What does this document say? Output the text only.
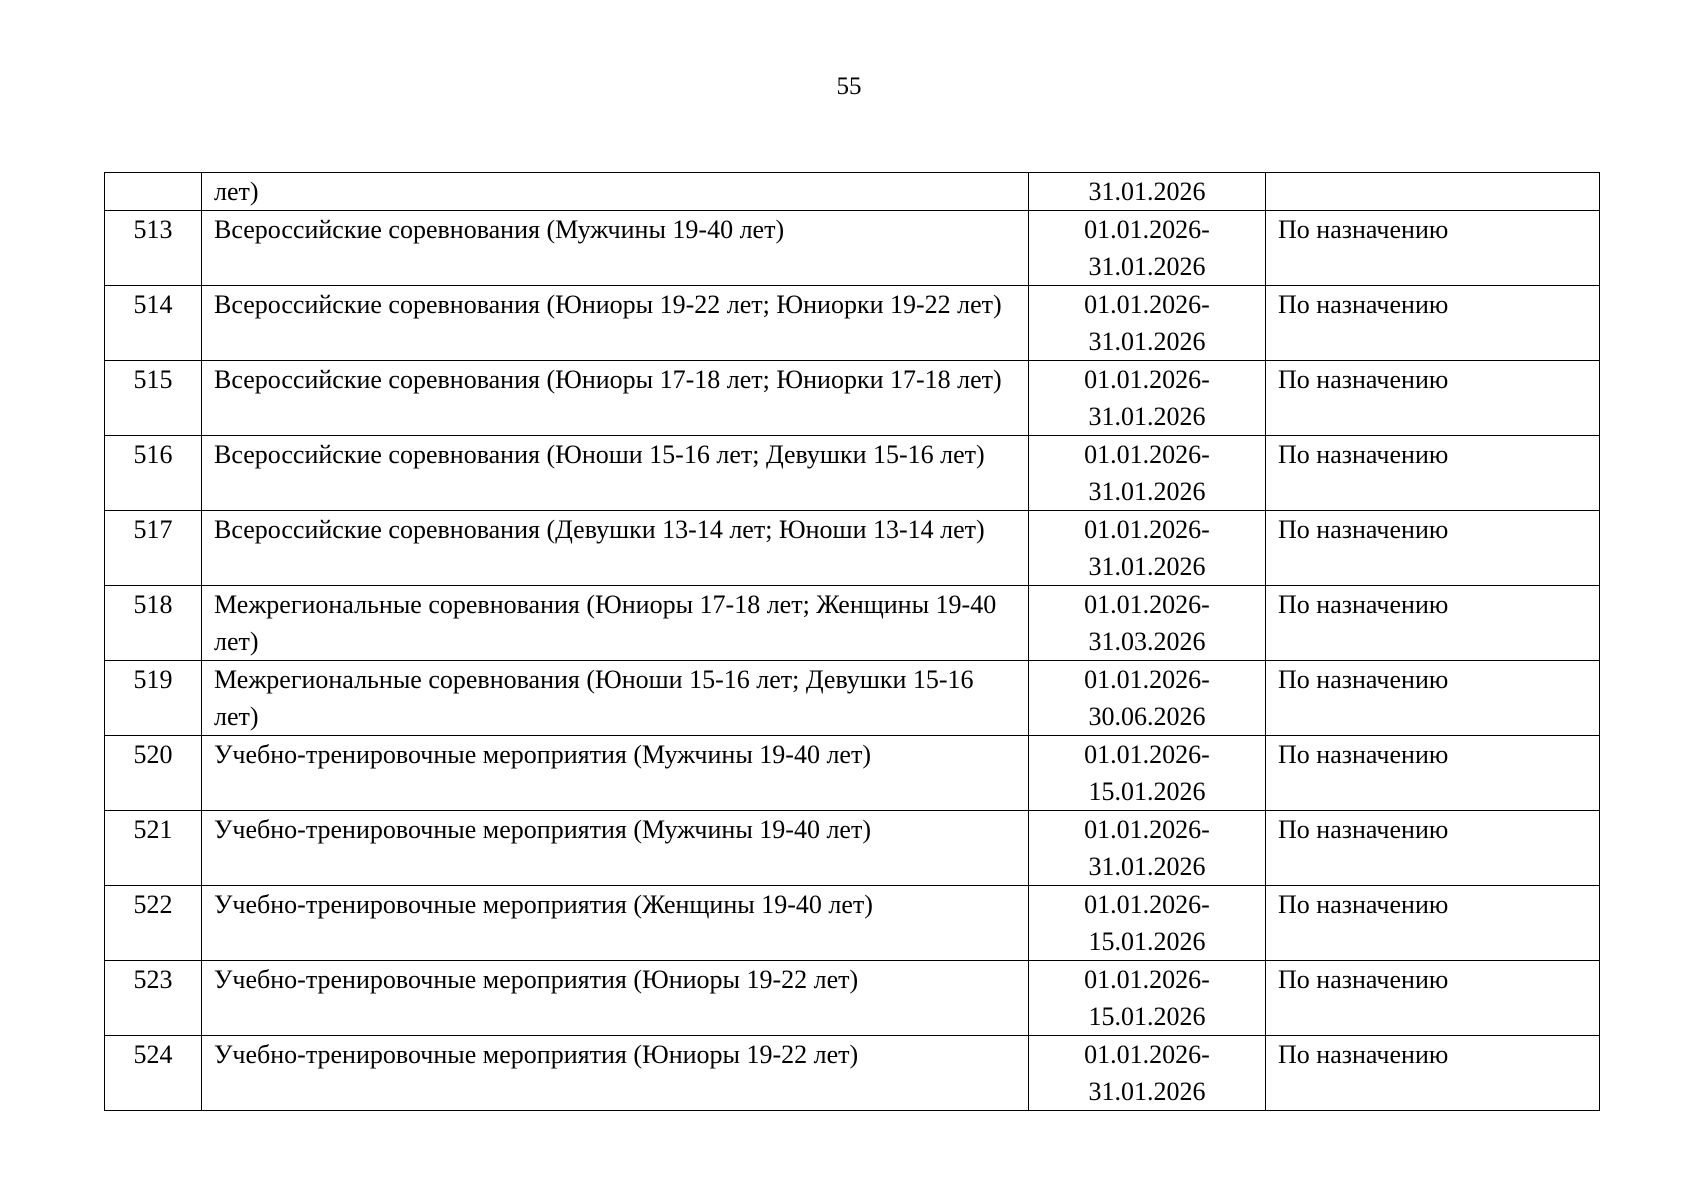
55
	лет)	31.01.2026	
513	Всероссийские соревнования (Мужчины 19-40 лет)	01.01.2026-
31.01.2026	По назначению
514	Всероссийские соревнования (Юниоры 19-22 лет; Юниорки 19-22 лет)	01.01.2026-
31.01.2026	По назначению
515	Всероссийские соревнования (Юниоры 17-18 лет; Юниорки 17-18 лет)	01.01.2026-
31.01.2026	По назначению
516	Всероссийские соревнования (Юноши 15-16 лет; Девушки 15-16 лет)	01.01.2026-
31.01.2026	По назначению
517	Всероссийские соревнования (Девушки 13-14 лет; Юноши 13-14 лет)	01.01.2026-
31.01.2026	По назначению
518	Межрегиональные соревнования (Юниоры 17-18 лет; Женщины 19-40 лет)	01.01.2026-
31.03.2026	По назначению
519	Межрегиональные соревнования (Юноши 15-16 лет; Девушки 15-16 лет)	01.01.2026-
30.06.2026	По назначению
520	Учебно-тренировочные мероприятия (Мужчины 19-40 лет)	01.01.2026-
15.01.2026	По назначению
521	Учебно-тренировочные мероприятия (Мужчины 19-40 лет)	01.01.2026-
31.01.2026	По назначению
522	Учебно-тренировочные мероприятия (Женщины 19-40 лет)	01.01.2026-
15.01.2026	По назначению
523	Учебно-тренировочные мероприятия (Юниоры 19-22 лет)	01.01.2026-
15.01.2026	По назначению
524	Учебно-тренировочные мероприятия (Юниоры 19-22 лет)	01.01.2026-
31.01.2026	По назначению
